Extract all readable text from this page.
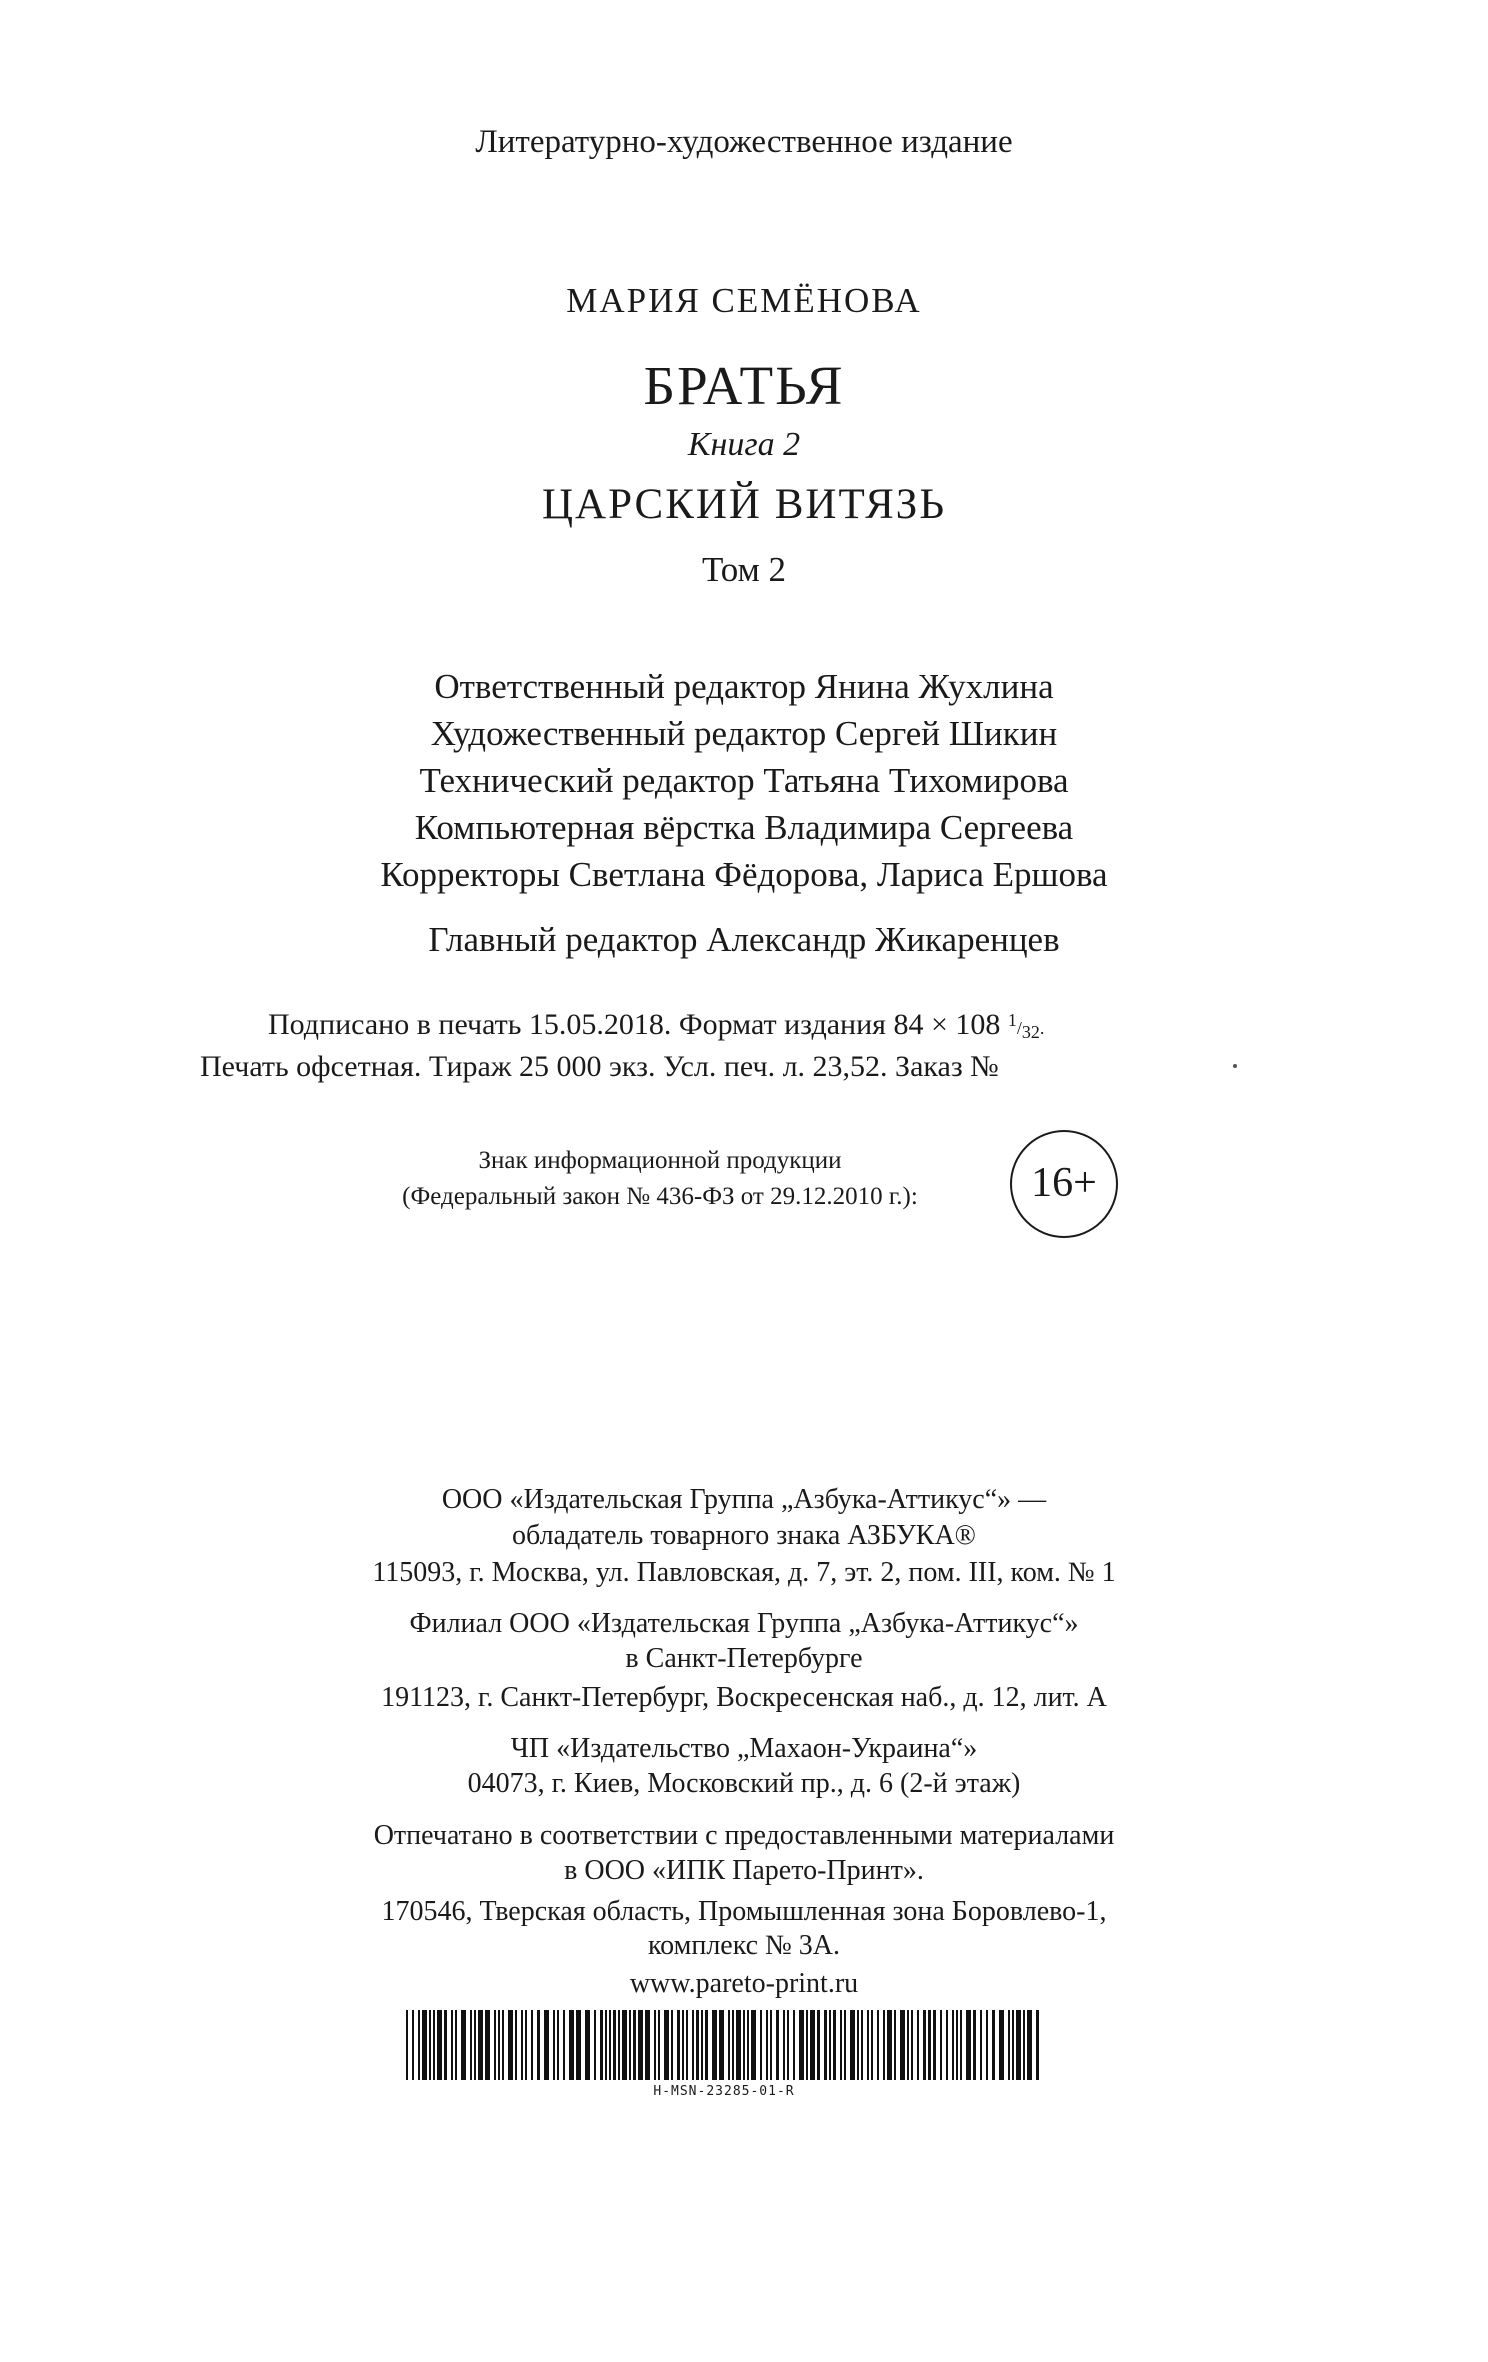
Литературно-художественное издание
МАРИЯ СЕМЁНОВА
БРАТЬЯ
Книга 2
ЦАРСКИЙ ВИТЯЗЬ
Том 2
Ответственный редактор Янина Жухлина
Художественный редактор Сергей Шикин
Технический редактор Татьяна Тихомирова
Компьютерная вёрстка Владимира Сергеева
Корректоры Светлана Фёдорова, Лариса Ершова
Главный редактор Александр Жикаренцев
Подписано в печать 15.05.2018. Формат издания 84 × 108 $^1$/32.
Печать офсетная. Тираж 25 000 экз. Усл. печ. л. 23,52. Заказ №
Знак информационной продукции
(Федеральный закон № 436-ФЗ от 29.12.2010 г.):	16+
ООО «Издательская Группа „Азбука-Аттикус“» —
обладатель товарного знака АЗБУКА®
115093, г. Москва, ул. Павловская, д. 7, эт. 2, пом. III, ком. № 1
Филиал ООО «Издательская Группа „Азбука-Аттикус“»
в Санкт-Петербурге
191123, г. Санкт-Петербург, Воскресенская наб., д. 12, лит. А
ЧП «Издательство „Махаон-Украина“»
04073, г. Киев, Московский пр., д. 6 (2-й этаж)
Отпечатано в соответствии с предоставленными материалами
в ООО «ИПК Парето-Принт».
170546, Тверская область, Промышленная зона Боровлево-1,
комплекс № 3А.
www.pareto-print.ru
H-MSN-23285-01-R
